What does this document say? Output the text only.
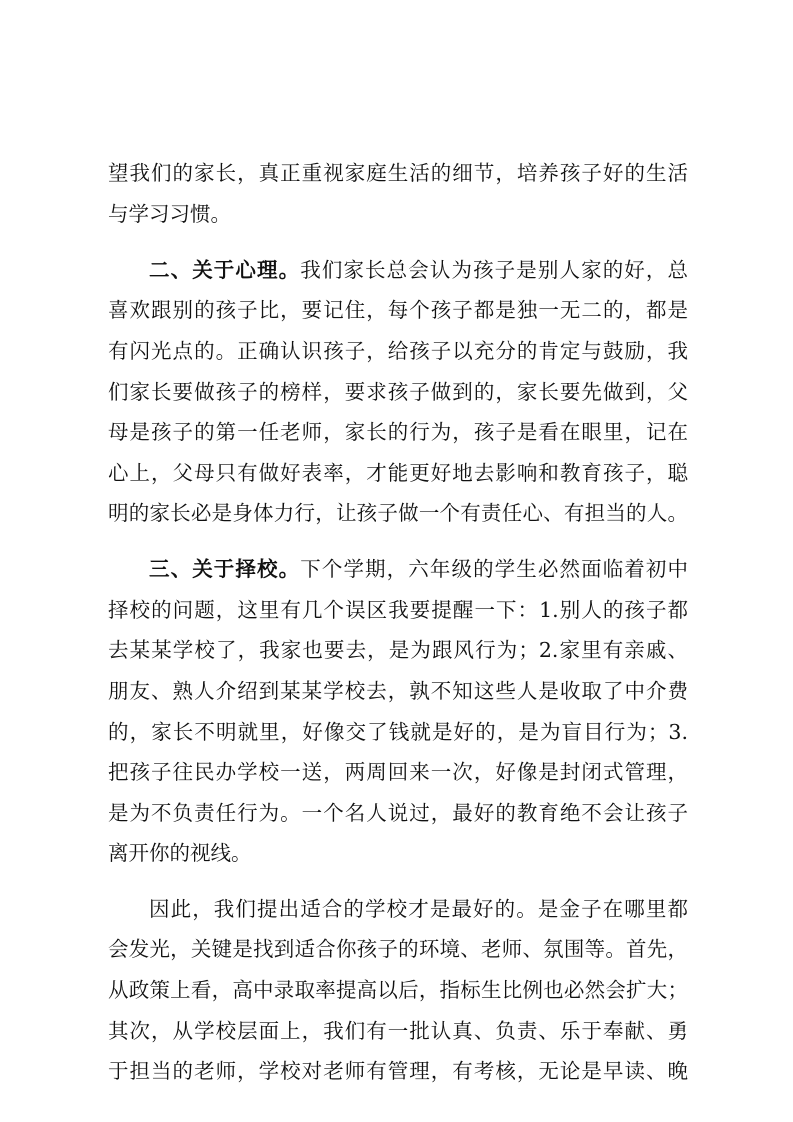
望我们的家长，真正重视家庭生活的细节，培养孩子好的生活
与学习习惯。
二、关于心理。我们家长总会认为孩子是别人家的好，总
喜欢跟别的孩子比，要记住，每个孩子都是独一无二的，都是
有闪光点的。正确认识孩子，给孩子以充分的肯定与鼓励，我
们家长要做孩子的榜样，要求孩子做到的，家长要先做到，父
母是孩子的第一任老师，家长的行为，孩子是看在眼里，记在
心上，父母只有做好表率，才能更好地去影响和教育孩子，聪
明的家长必是身体力行，让孩子做一个有责任心、有担当的人。
三、关于择校。下个学期，六年级的学生必然面临着初中
择校的问题，这里有几个误区我要提醒一下：1.别人的孩子都
去某某学校了，我家也要去，是为跟风行为；2.家里有亲戚、
朋友、熟人介绍到某某学校去，孰不知这些人是收取了中介费
的，家长不明就里，好像交了钱就是好的，是为盲目行为；3.
把孩子往民办学校一送，两周回来一次，好像是封闭式管理，
是为不负责任行为。一个名人说过，最好的教育绝不会让孩子
离开你的视线。
因此，我们提出适合的学校才是最好的。是金子在哪里都
会发光，关键是找到适合你孩子的环境、老师、氛围等。首先，
从政策上看，高中录取率提高以后，指标生比例也必然会扩大；
其次，从学校层面上，我们有一批认真、负责、乐于奉献、勇
于担当的老师，学校对老师有管理，有考核，无论是早读、晚
